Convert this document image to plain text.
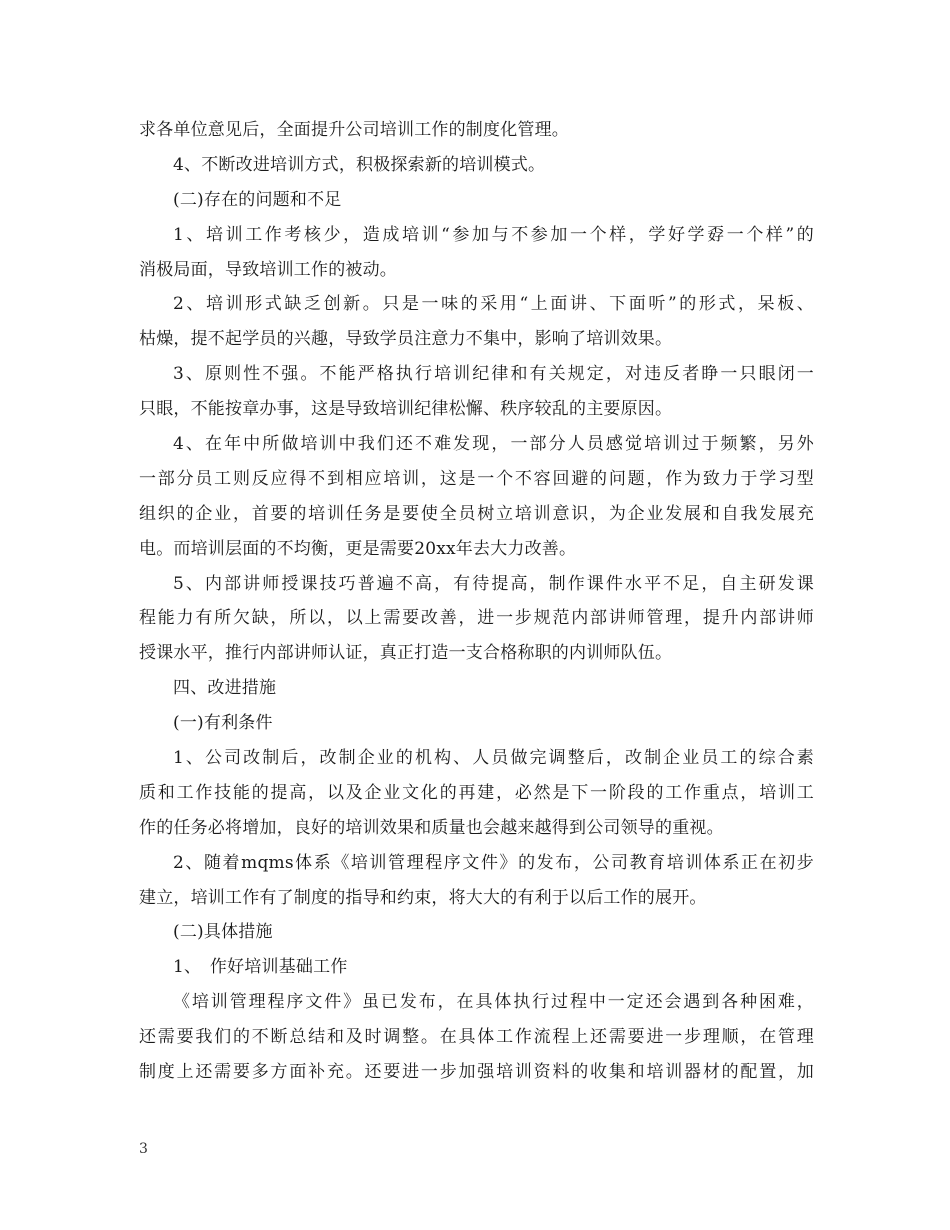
求各单位意见后，全面提升公司培训工作的制度化管理。
4、不断改进培训方式，积极探索新的培训模式。
(二)存在的问题和不足
1、培训工作考核少，造成培训“参加与不参加一个样，学好学孬一个样”的
消极局面，导致培训工作的被动。
2、培训形式缺乏创新。只是一味的采用“上面讲、下面听”的形式，呆板、
枯燥，提不起学员的兴趣，导致学员注意力不集中，影响了培训效果。
3、原则性不强。不能严格执行培训纪律和有关规定，对违反者睁一只眼闭一
只眼，不能按章办事，这是导致培训纪律松懈、秩序较乱的主要原因。
4、在年中所做培训中我们还不难发现，一部分人员感觉培训过于频繁，另外
一部分员工则反应得不到相应培训，这是一个不容回避的问题，作为致力于学习型
组织的企业，首要的培训任务是要使全员树立培训意识，为企业发展和自我发展充
电。而培训层面的不均衡，更是需要20xx年去大力改善。
5、内部讲师授课技巧普遍不高，有待提高，制作课件水平不足，自主研发课
程能力有所欠缺，所以，以上需要改善，进一步规范内部讲师管理，提升内部讲师
授课水平，推行内部讲师认证，真正打造一支合格称职的内训师队伍。
四、改进措施
(一)有利条件
1、公司改制后，改制企业的机构、人员做完调整后，改制企业员工的综合素
质和工作技能的提高，以及企业文化的再建，必然是下一阶段的工作重点，培训工
作的任务必将增加，良好的培训效果和质量也会越来越得到公司领导的重视。
2、随着mqms体系《培训管理程序文件》的发布，公司教育培训体系正在初步
建立，培训工作有了制度的指导和约束，将大大的有利于以后工作的展开。
(二)具体措施
1、　作好培训基础工作
《培训管理程序文件》虽已发布，在具体执行过程中一定还会遇到各种困难，
还需要我们的不断总结和及时调整。在具体工作流程上还需要进一步理顺，在管理
制度上还需要多方面补充。还要进一步加强培训资料的收集和培训器材的配置，加
3
